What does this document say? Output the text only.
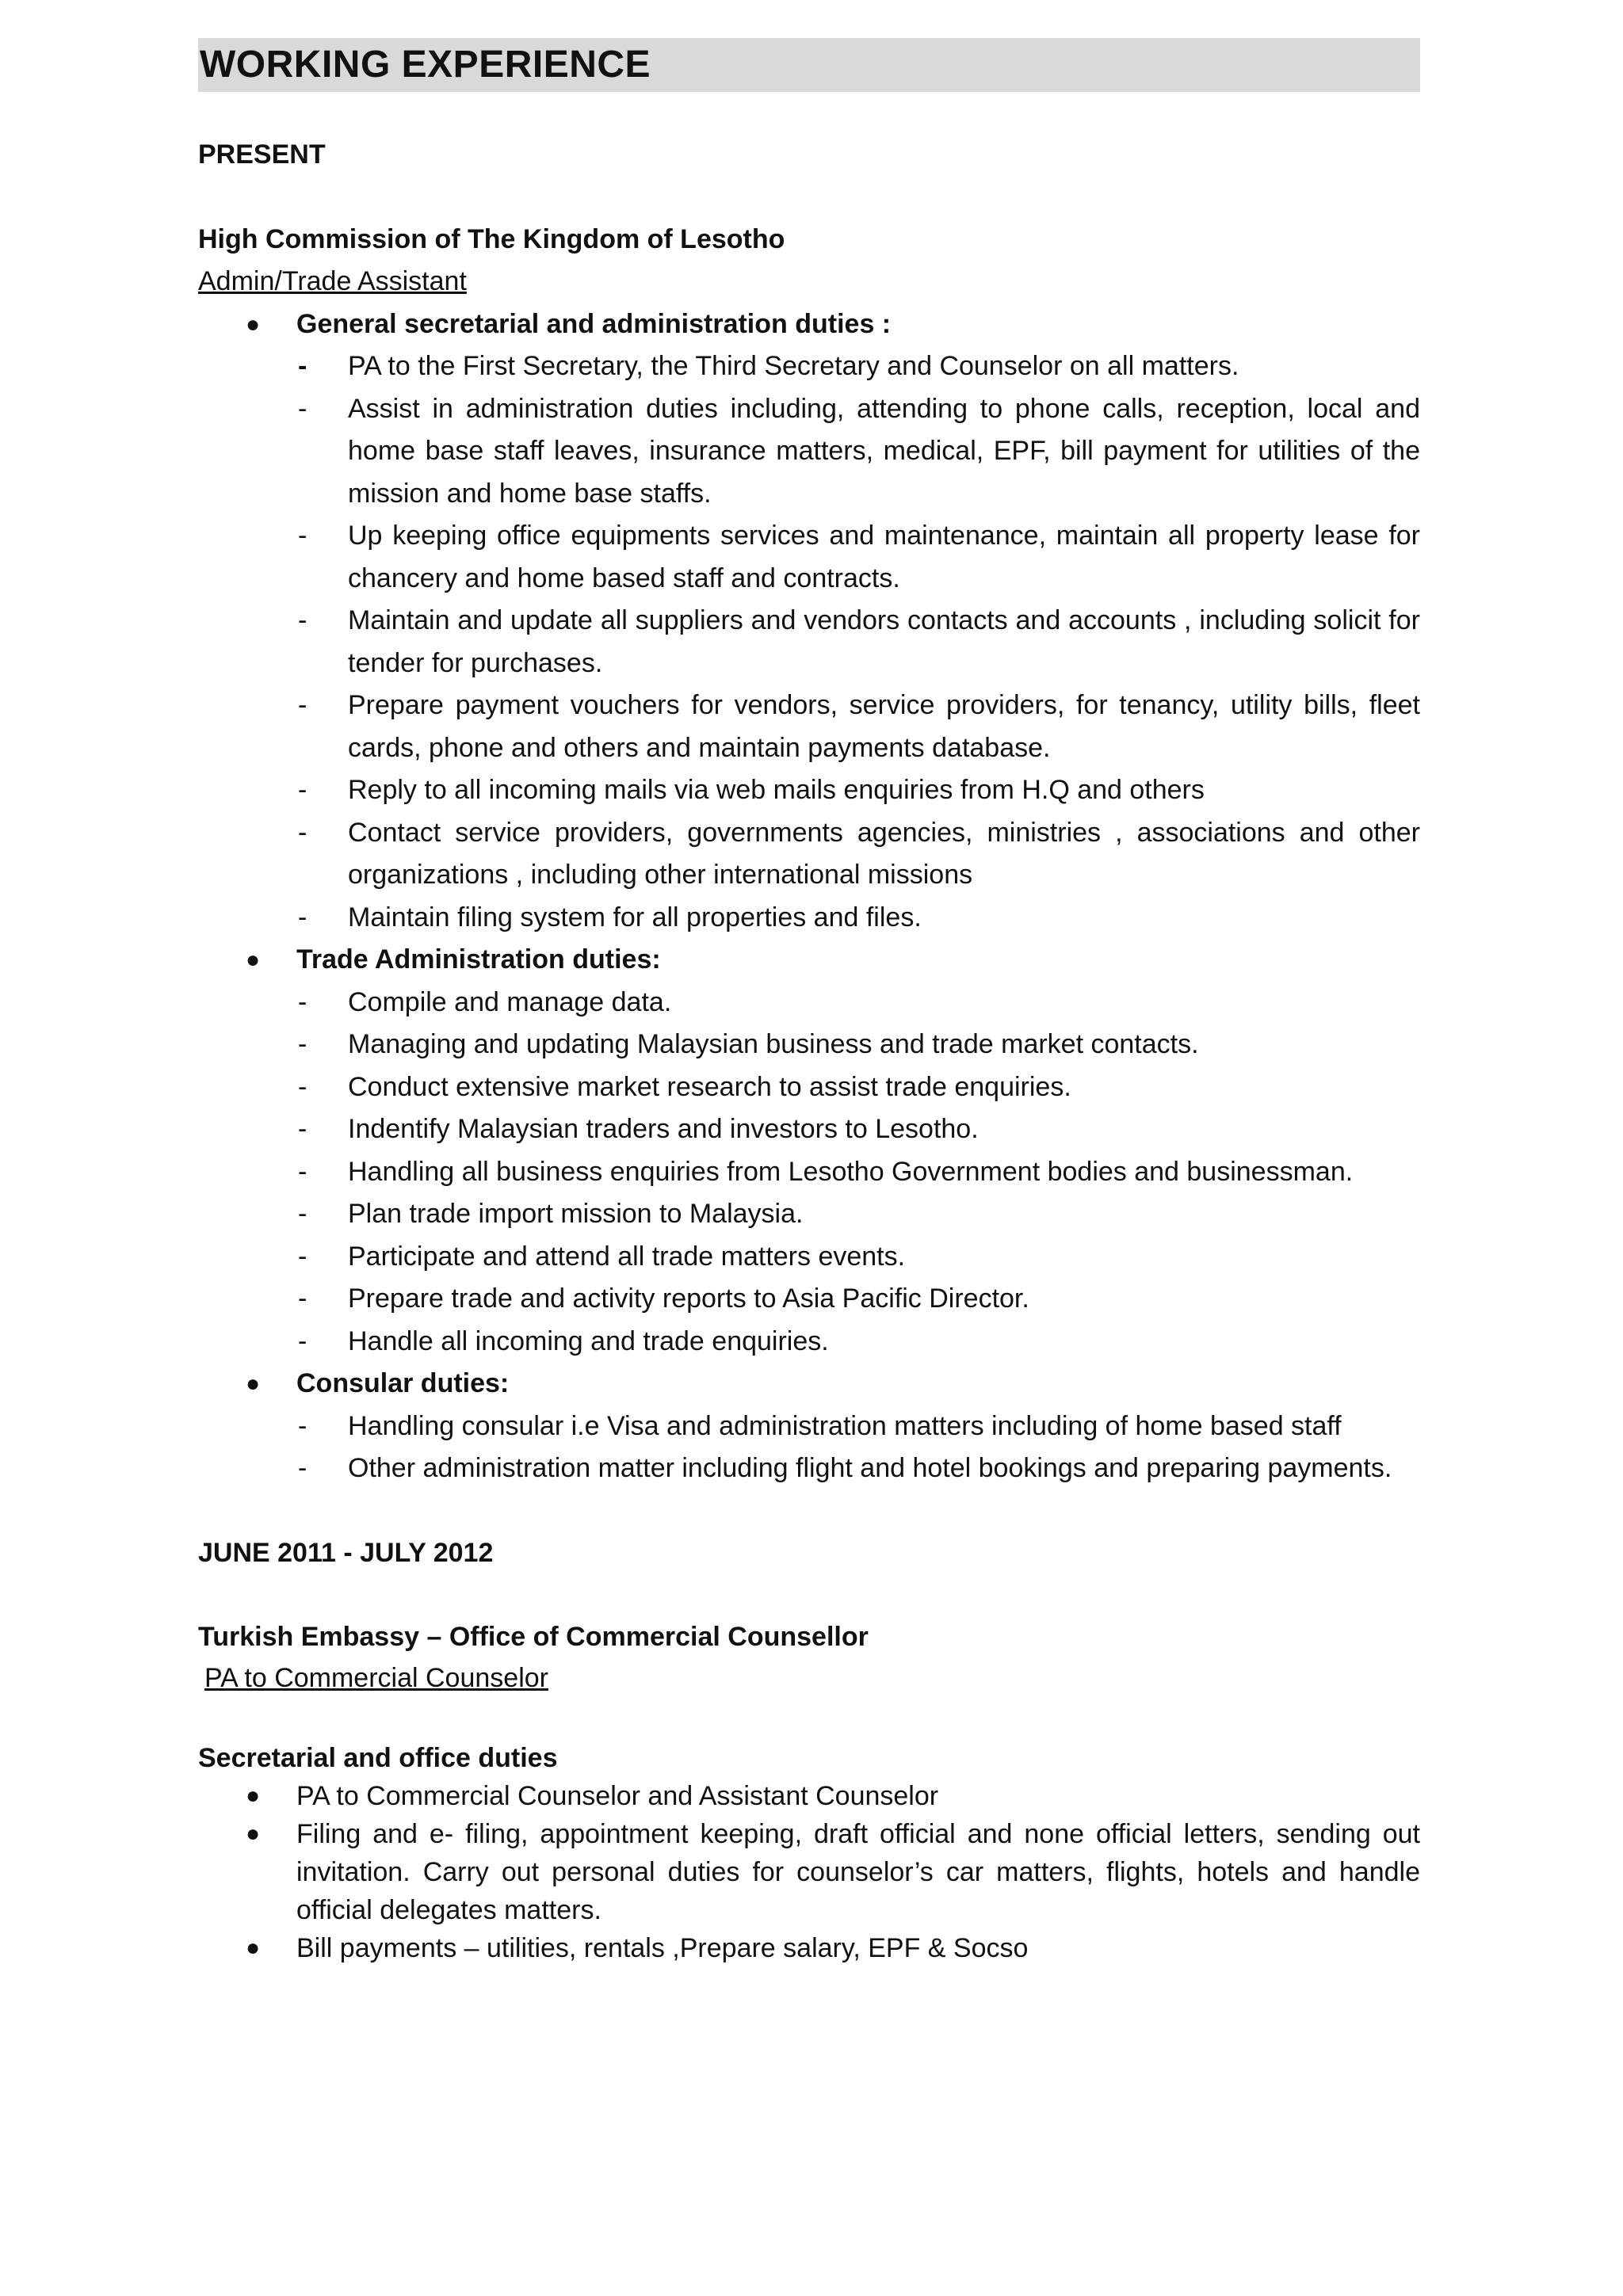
WORKING EXPERIENCE

PRESENT

High Commission of The Kingdom of Lesotho

Admin/Trade Assistant

●	General secretarial and administration duties :
-	PA to the First Secretary, the Third Secretary and Counselor on all matters.
-	Assist in administration duties including, attending to phone calls, reception, local and home base staff leaves, insurance matters, medical, EPF, bill payment for utilities of the mission and home base staffs.
-	Up keeping office equipments services and maintenance, maintain all property lease for chancery and home based staff and contracts.
-	Maintain and update all suppliers and vendors contacts and accounts , including solicit for tender for purchases.
-	Prepare payment vouchers for vendors, service providers, for tenancy, utility bills, fleet cards, phone and others and maintain payments database.
-	Reply to all incoming mails via web mails enquiries from H.Q and others
-	Contact service providers, governments agencies, ministries , associations and other organizations , including other international missions
-	Maintain filing system for all properties and files.
●	Trade Administration duties:
-	Compile and manage data.
-	Managing and updating Malaysian business and trade market contacts.
-	Conduct extensive market research to assist trade enquiries.
-	Indentify Malaysian traders and investors to Lesotho.
-	Handling all business enquiries from Lesotho Government bodies and businessman.
-	Plan trade import mission to Malaysia.
-	Participate and attend all trade matters events.
-	Prepare trade and activity reports to Asia Pacific Director.
-	Handle all incoming and trade enquiries.
●	Consular duties:
-	Handling consular i.e Visa and administration matters including of home based staff
-	Other administration matter including flight and hotel bookings and preparing payments.

JUNE 2011 - JULY 2012

Turkish Embassy – Office of Commercial Counsellor

PA to Commercial Counselor

Secretarial and office duties

●	PA to Commercial Counselor and Assistant Counselor
●	Filing and e- filing, appointment keeping, draft official and none official letters, sending out invitation. Carry out personal duties for counselor’s car matters, flights, hotels and handle official delegates matters.
●	Bill payments – utilities, rentals ,Prepare salary, EPF & Socso
